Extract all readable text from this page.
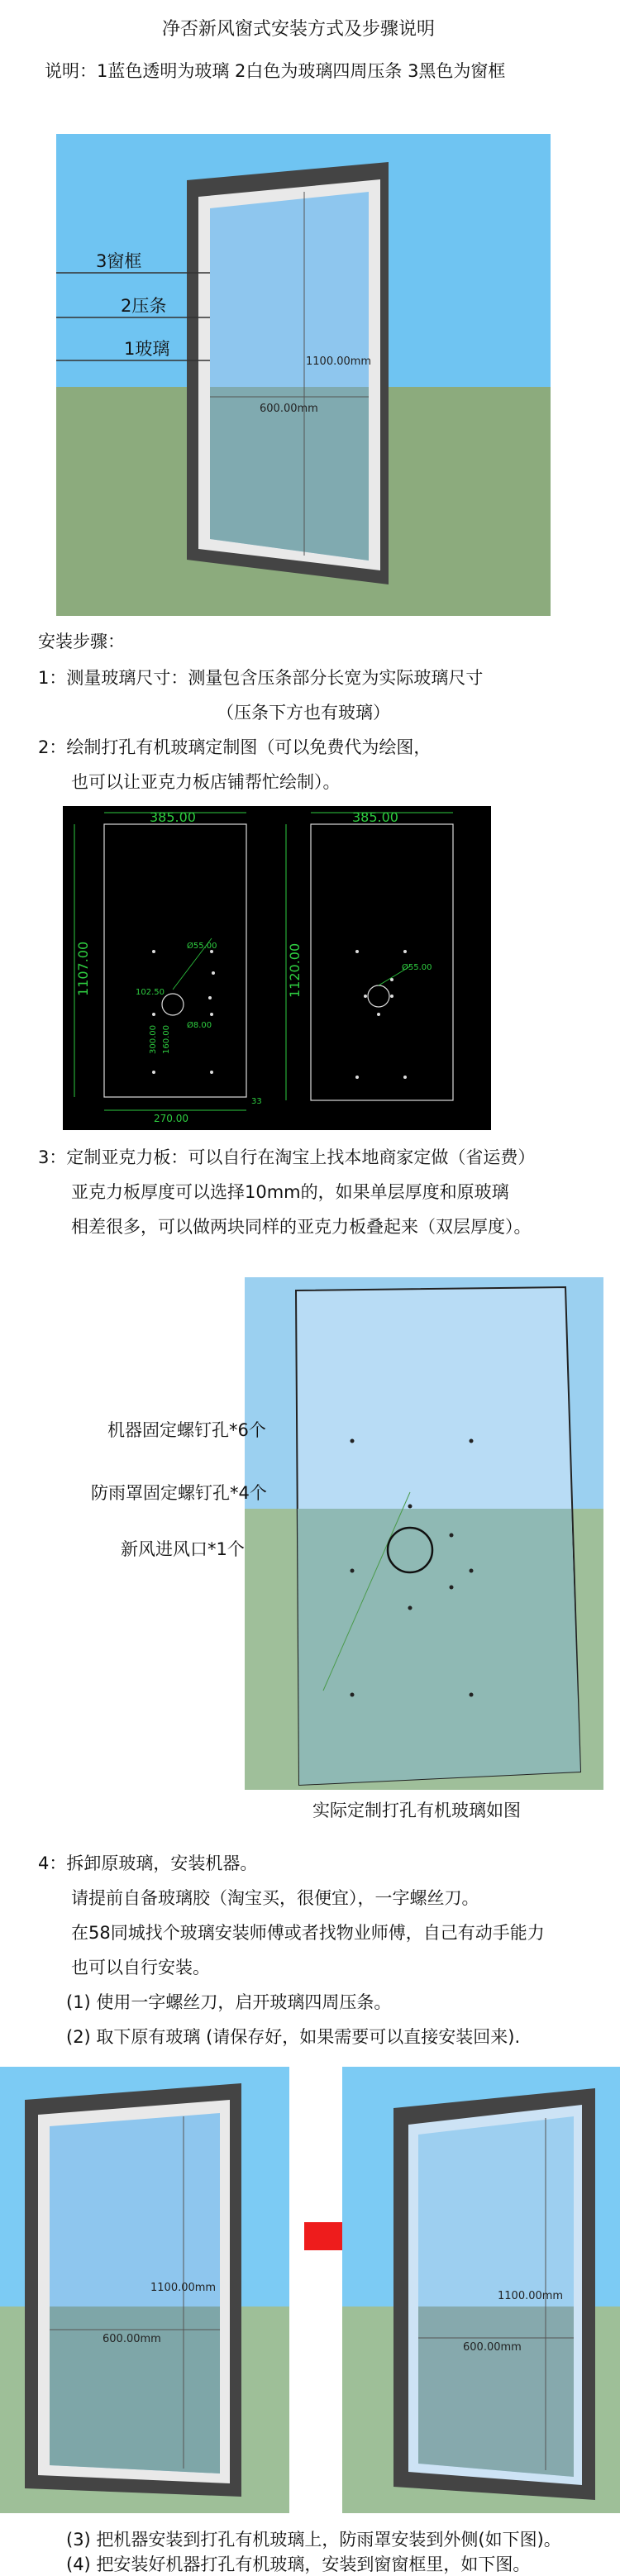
净否新风窗式安装方式及步骤说明
说明：1蓝色透明为玻璃 2白色为玻璃四周压条 3黑色为窗框
3窗框
2压条
1玻璃
1100.00mm
600.00mm
安装步骤：
1：测量玻璃尺寸：测量包含压条部分长宽为实际玻璃尺寸
（压条下方也有玻璃）
2：绘制打孔有机玻璃定制图（可以免费代为绘图，
也可以让亚克力板店铺帮忙绘制）。
385.00
1107.00	Ø55.00
102.50
Ø8.00
160.00
300.00
270.00
33
385.00
1120.00	Ø55.00
3：定制亚克力板：可以自行在淘宝上找本地商家定做（省运费）
亚克力板厚度可以选择10mm的，如果单层厚度和原玻璃
相差很多，可以做两块同样的亚克力板叠起来（双层厚度）。
机器固定螺钉孔*6个
防雨罩固定螺钉孔*4个
新风进风口*1个
实际定制打孔有机玻璃如图
4：拆卸原玻璃，安装机器。
请提前自备玻璃胶（淘宝买，很便宜），一字螺丝刀。
在58同城找个玻璃安装师傅或者找物业师傅，自己有动手能力
也可以自行安装。
(1) 使用一字螺丝刀，启开玻璃四周压条。
(2) 取下原有玻璃 (请保存好，如果需要可以直接安装回来).
1100.00mm
600.00mm
1100.00mm
600.00mm
(3) 把机器安装到打孔有机玻璃上，防雨罩安装到外侧(如下图)。
(4) 把安装好机器打孔有机玻璃，安装到窗窗框里，如下图。
